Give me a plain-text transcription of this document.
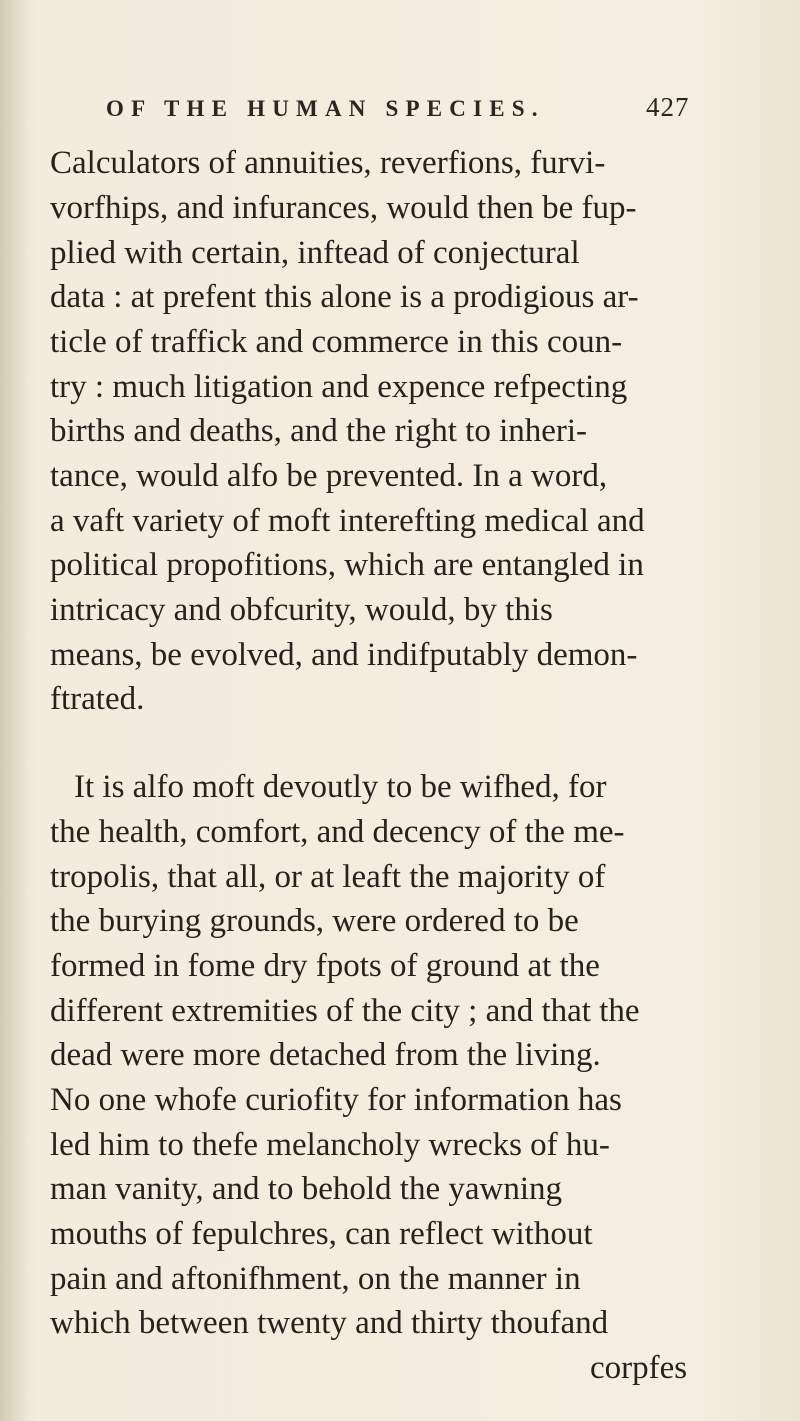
OF THE HUMAN SPECIES.	427
Calculators of annuities, reverfions, furvi-
vorfhips, and infurances, would then be fup-
plied with certain, inftead of conjectural
data : at prefent this alone is a prodigious ar-
ticle of traffick and commerce in this coun-
try : much litigation and expence refpecting
births and deaths, and the right to inheri-
tance, would alfo be prevented. In a word,
a vaft variety of moft interefting medical and
political propofitions, which are entangled in
intricacy and obfcurity, would, by this
means, be evolved, and indifputably demon-
ftrated.
It is alfo moft devoutly to be wifhed, for
the health, comfort, and decency of the me-
tropolis, that all, or at leaft the majority of
the burying grounds, were ordered to be
formed in fome dry fpots of ground at the
different extremities of the city ; and that the
dead were more detached from the living.
No one whofe curiofity for information has
led him to thefe melancholy wrecks of hu-
man vanity, and to behold the yawning
mouths of fepulchres, can reflect without
pain and aftonifhment, on the manner in
which between twenty and thirty thoufand
corpfes
